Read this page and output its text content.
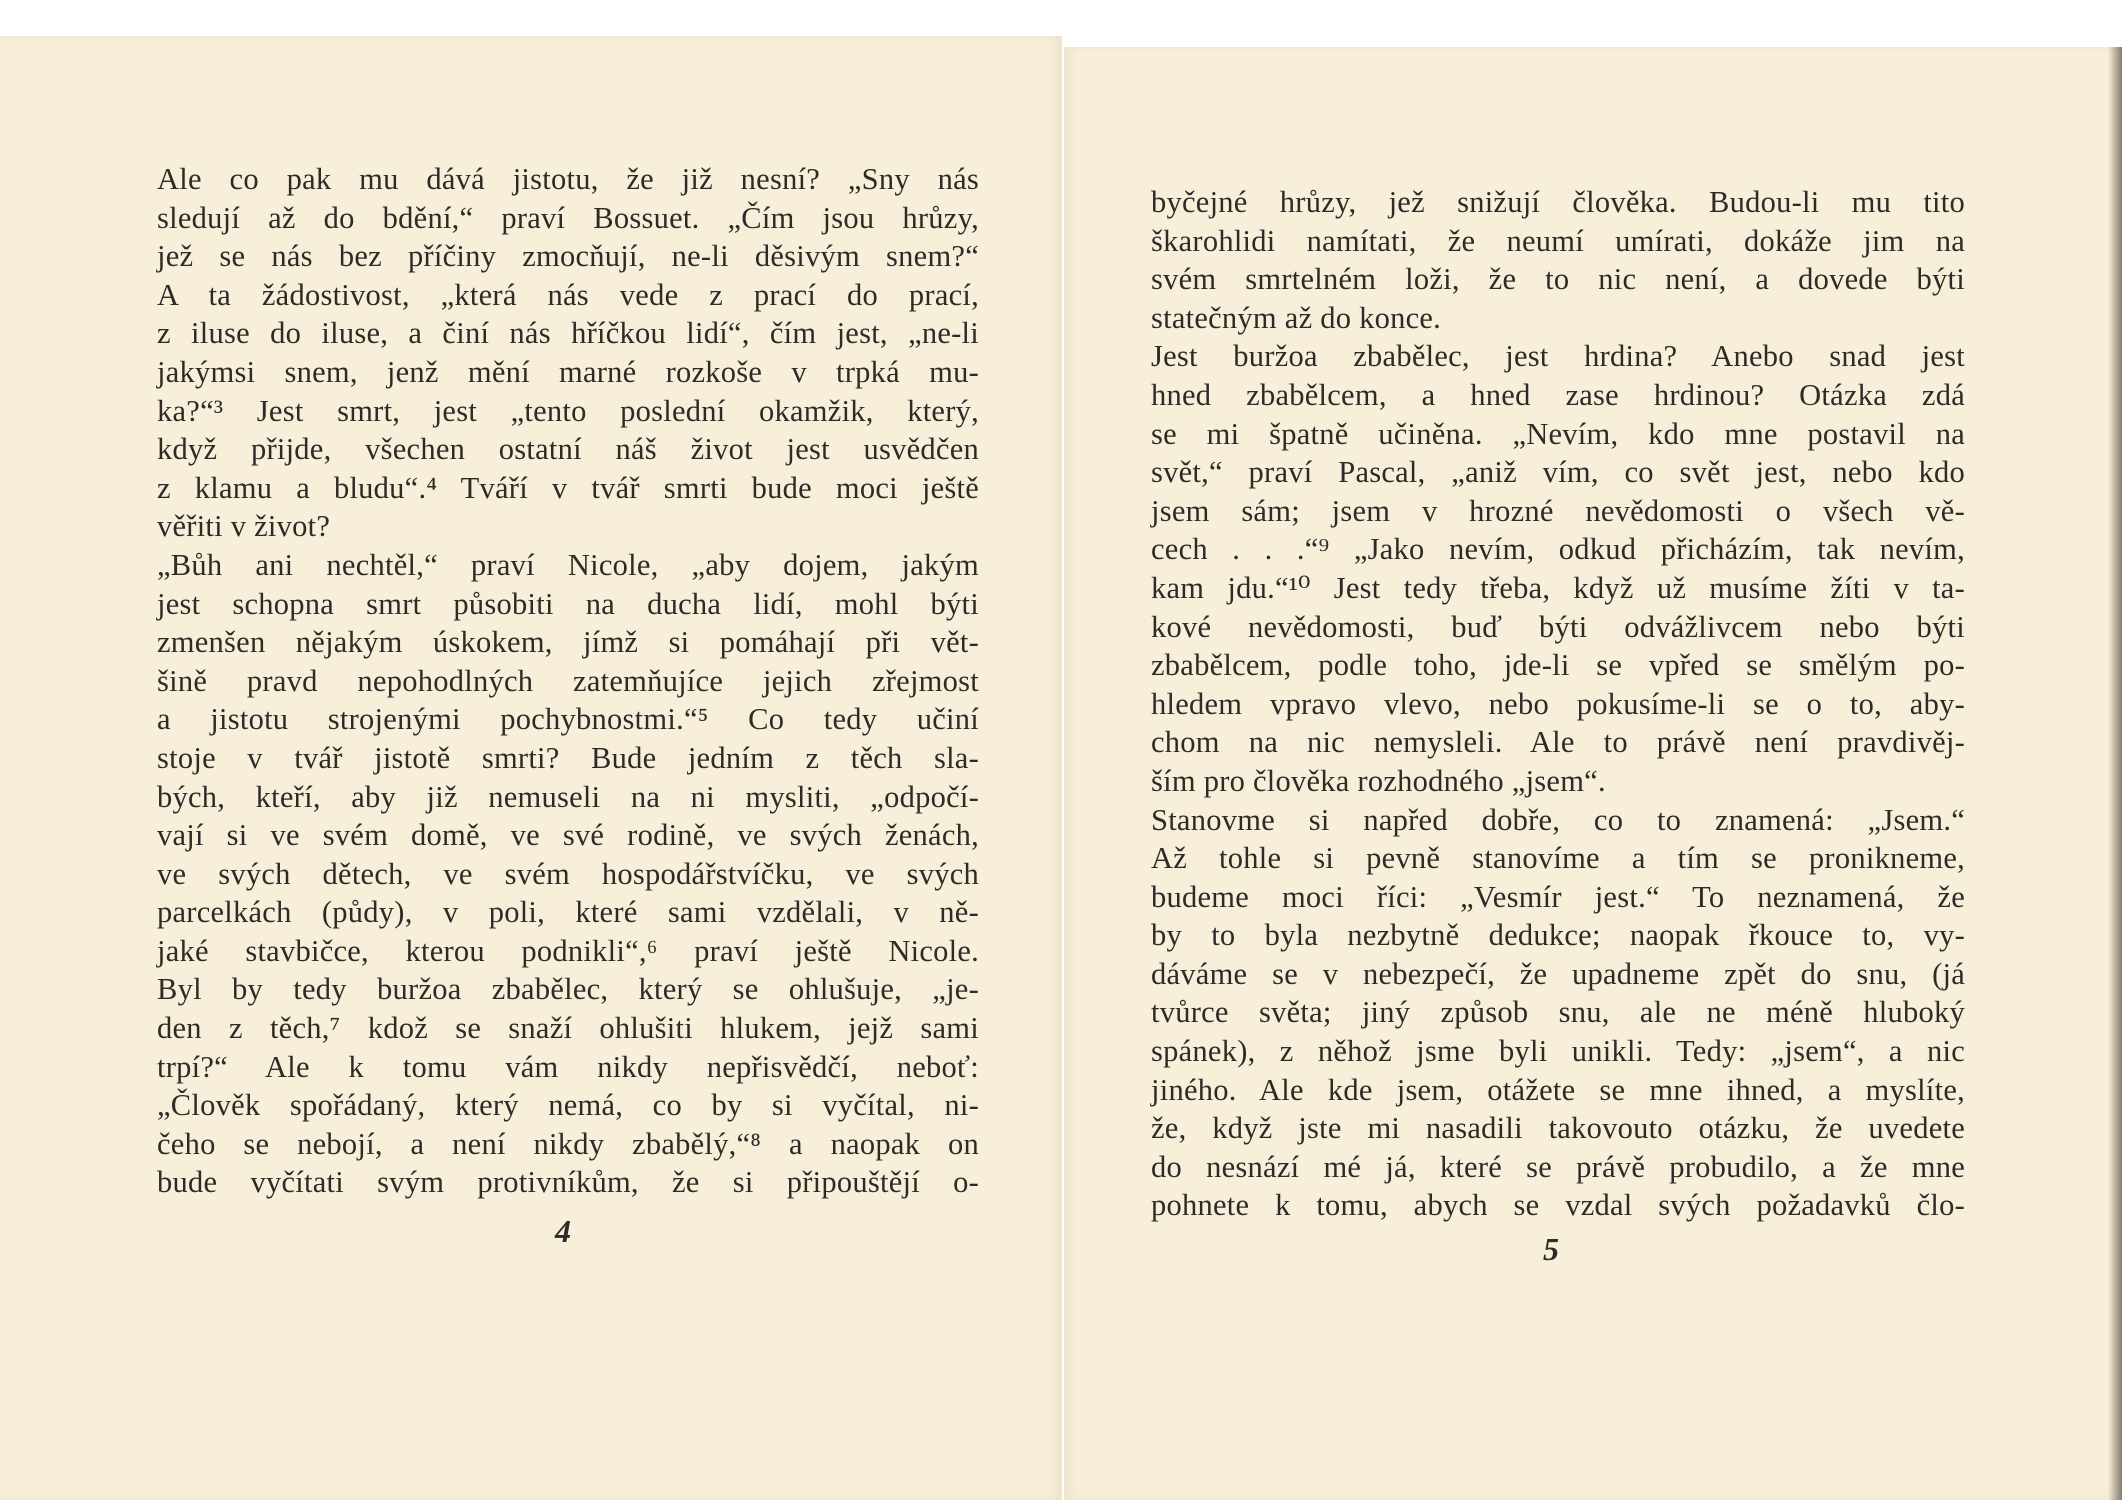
Ale co pak mu dává jistotu, že již nesní? „Sny nás
sledují až do bdění,“ praví Bossuet. „Čím jsou hrůzy,
jež se nás bez příčiny zmocňují, ne-li děsivým snem?“
A ta žádostivost, „která nás vede z prací do prací,
z iluse do iluse, a činí nás hříčkou lidí“, čím jest, „ne-li
jakýmsi snem, jenž mění marné rozkoše v trpká mu-
ka?“³ Jest smrt, jest „tento poslední okamžik, který,
když přijde, všechen ostatní náš život jest usvědčen
z klamu a bludu“.⁴ Tváří v tvář smrti bude moci ještě
věřiti v život?
„Bůh ani nechtěl,“ praví Nicole, „aby dojem, jakým
jest schopna smrt působiti na ducha lidí, mohl býti
zmenšen nějakým úskokem, jímž si pomáhají při vět-
šině pravd nepohodlných zatemňujíce jejich zřejmost
a jistotu strojenými pochybnostmi.“⁵ Co tedy učiní
stoje v tvář jistotě smrti? Bude jedním z těch sla-
bých, kteří, aby již nemuseli na ni mysliti, „odpočí-
vají si ve svém domě, ve své rodině, ve svých ženách,
ve svých dětech, ve svém hospodářstvíčku, ve svých
parcelkách (půdy), v poli, které sami vzdělali, v ně-
jaké stavbičce, kterou podnikli“,⁶ praví ještě Nicole.
Byl by tedy buržoa zbabělec, který se ohlušuje, „je-
den z těch,⁷ kdož se snaží ohlušiti hlukem, jejž sami
trpí?“ Ale k tomu vám nikdy nepřisvědčí, neboť:
„Člověk spořádaný, který nemá, co by si vyčítal, ni-
čeho se nebojí, a není nikdy zbabělý,“⁸ a naopak on
bude vyčítati svým protivníkům, že si připouštějí o-
4
byčejné hrůzy, jež snižují člověka. Budou-li mu tito
škarohlidi namítati, že neumí umírati, dokáže jim na
svém smrtelném loži, že to nic není, a dovede býti
statečným až do konce.
Jest buržoa zbabělec, jest hrdina? Anebo snad jest
hned zbabělcem, a hned zase hrdinou? Otázka zdá
se mi špatně učiněna. „Nevím, kdo mne postavil na
svět,“ praví Pascal, „aniž vím, co svět jest, nebo kdo
jsem sám; jsem v hrozné nevědomosti o všech vě-
cech . . .“⁹ „Jako nevím, odkud přicházím, tak nevím,
kam jdu.“¹⁰ Jest tedy třeba, když už musíme žíti v ta-
kové nevědomosti, buď býti odvážlivcem nebo býti
zbabělcem, podle toho, jde-li se vpřed se smělým po-
hledem vpravo vlevo, nebo pokusíme-li se o to, aby-
chom na nic nemysleli. Ale to právě není pravdivěj-
ším pro člověka rozhodného „jsem“.
Stanovme si napřed dobře, co to znamená: „Jsem.“
Až tohle si pevně stanovíme a tím se pronikneme,
budeme moci říci: „Vesmír jest.“ To neznamená, že
by to byla nezbytně dedukce; naopak řkouce to, vy-
dáváme se v nebezpečí, že upadneme zpět do snu, (já
tvůrce světa; jiný způsob snu, ale ne méně hluboký
spánek), z něhož jsme byli unikli. Tedy: „jsem“, a nic
jiného. Ale kde jsem, otážete se mne ihned, a myslíte,
že, když jste mi nasadili takovouto otázku, že uvedete
do nesnází mé já, které se právě probudilo, a že mne
pohnete k tomu, abych se vzdal svých požadavků člo-
5
